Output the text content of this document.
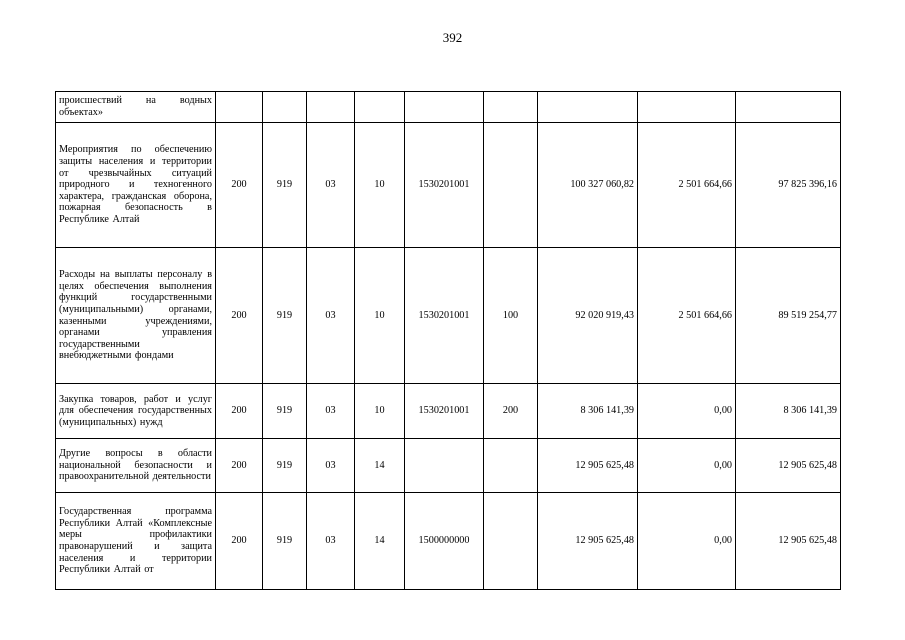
392
происшествий на водных объектах»									
Мероприятия по обеспечению защиты населения и территории от чрезвычайных ситуаций природного и техногенного характера, гражданская оборона, пожарная безопасность в Республике Алтай	200	919	03	10	1530201001		100 327 060,82	2 501 664,66	97 825 396,16
Расходы на выплаты персоналу в целях обеспечения выполнения функций государственными (муниципальными) органами, казенными учреждениями, органами управления государственными внебюджетными фондами	200	919	03	10	1530201001	100	92 020 919,43	2 501 664,66	89 519 254,77
Закупка товаров, работ и услуг для обеспечения государственных (муниципальных) нужд	200	919	03	10	1530201001	200	8 306 141,39	0,00	8 306 141,39
Другие вопросы в области национальной безопасности и правоохранительной деятельности	200	919	03	14			12 905 625,48	0,00	12 905 625,48
Государственная программа Республики Алтай «Комплексные меры профилактики правонарушений и защита населения и территории Республики Алтай от	200	919	03	14	1500000000		12 905 625,48	0,00	12 905 625,48
